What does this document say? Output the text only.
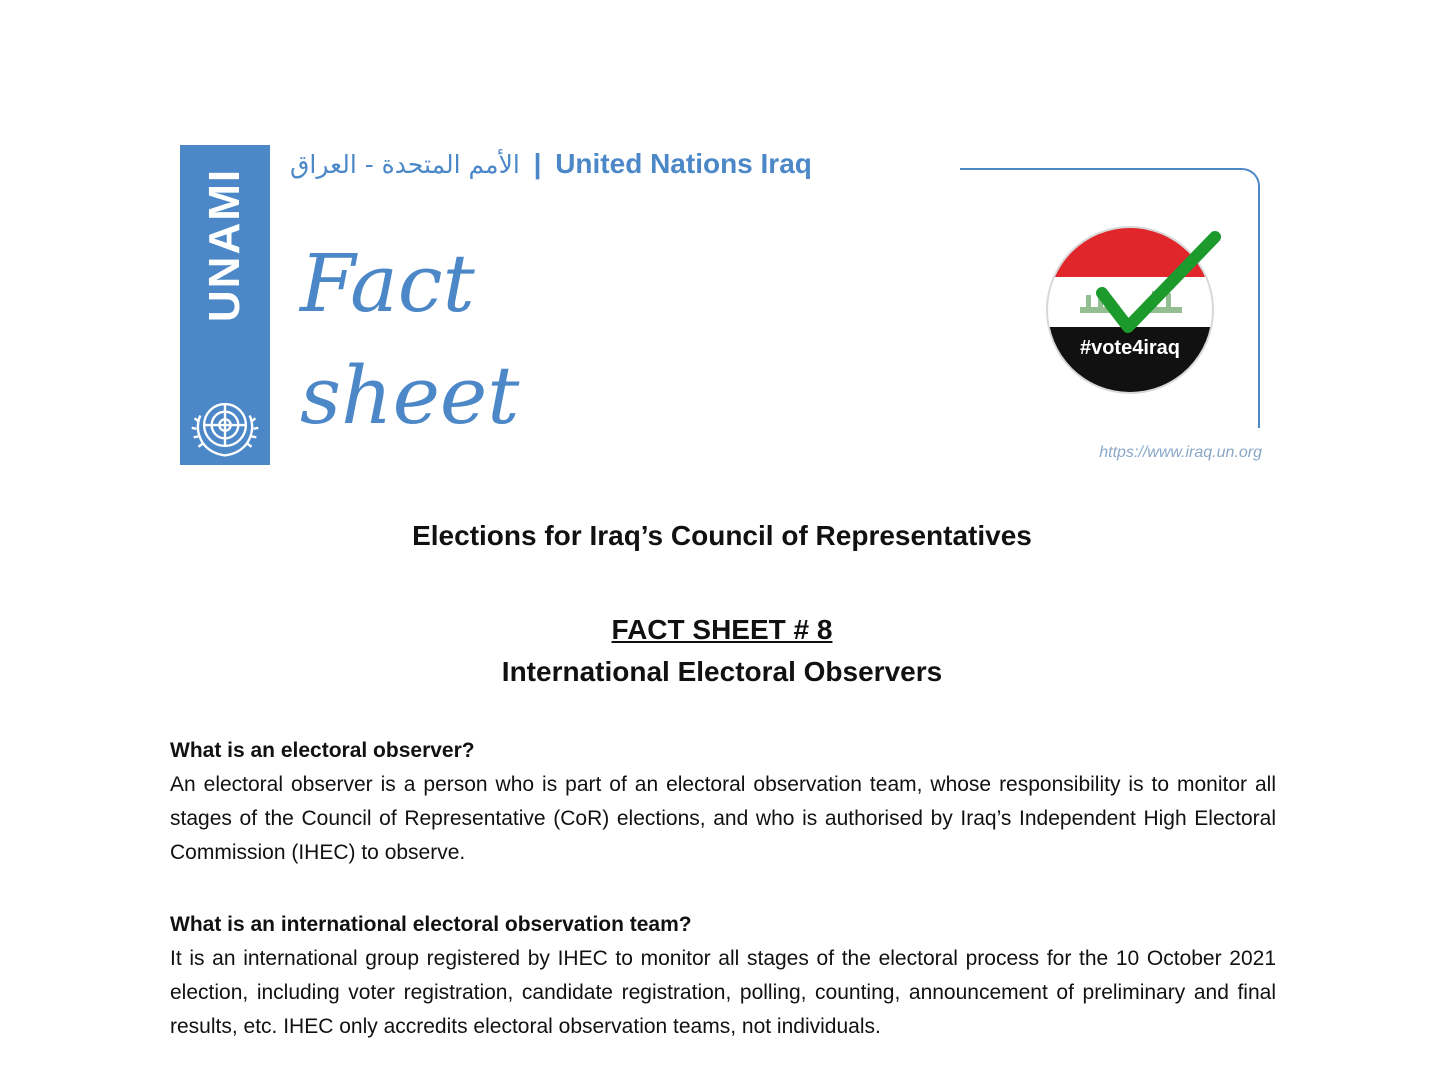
UNAMI
الأمم المتحدة - العراق | United Nations Iraq
Fact
sheet
#vote4iraq
https://www.iraq.un.org
Elections for Iraq’s Council of Representatives
FACT SHEET # 8
International Electoral Observers
What is an electoral observer?
An electoral observer is a person who is part of an electoral observation team, whose responsibility is to monitor all stages of the Council of Representative (CoR) elections, and who is authorised by Iraq’s Independent High Electoral Commission (IHEC) to observe.
What is an international electoral observation team?
It is an international group registered by IHEC to monitor all stages of the electoral process for the 10 October 2021 election, including voter registration, candidate registration, polling, counting, announcement of preliminary and final results, etc. IHEC only accredits electoral observation teams, not individuals.
